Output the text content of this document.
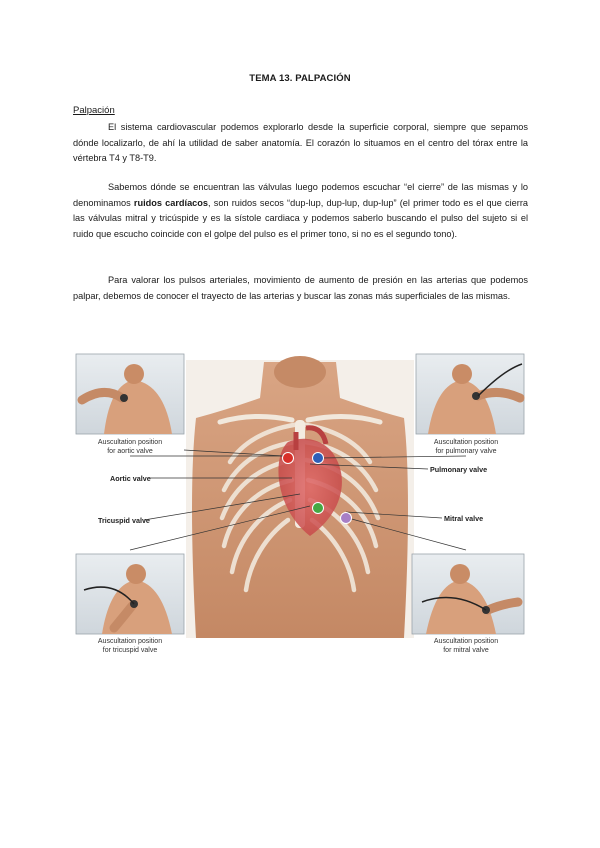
TEMA 13. PALPACIÓN
Palpación

El sistema cardiovascular podemos explorarlo desde la superficie corporal, siempre que sepamos dónde localizarlo, de ahí la utilidad de saber anatomía. El corazón lo situamos en el centro del tórax entre la vértebra T4 y T8-T9.

Sabemos dónde se encuentran las válvulas luego podemos escuchar “el cierre” de las mismas y lo denominamos ruidos cardíacos, son ruidos secos “dup-lup, dup-lup, dup-lup” (el primer todo es el que cierra las válvulas mitral y tricúspide y es la sístole cardiaca y podemos saberlo buscando el pulso del sujeto si el ruido que escucho coincide con el golpe del pulso es el primer tono, si no es el segundo tono).

Para valorar los pulsos arteriales, movimiento de aumento de presión en las arterias que podemos palpar, debemos de conocer el trayecto de las arterias y buscar las zonas más superficiales de las mismas.

Auscultation position
for aortic valve
Auscultation position
for pulmonary valve
Auscultation position
for tricuspid valve
Auscultation position
for mitral valve
Aortic valve
Pulmonary valve
Tricuspid valve	Mitral valve
